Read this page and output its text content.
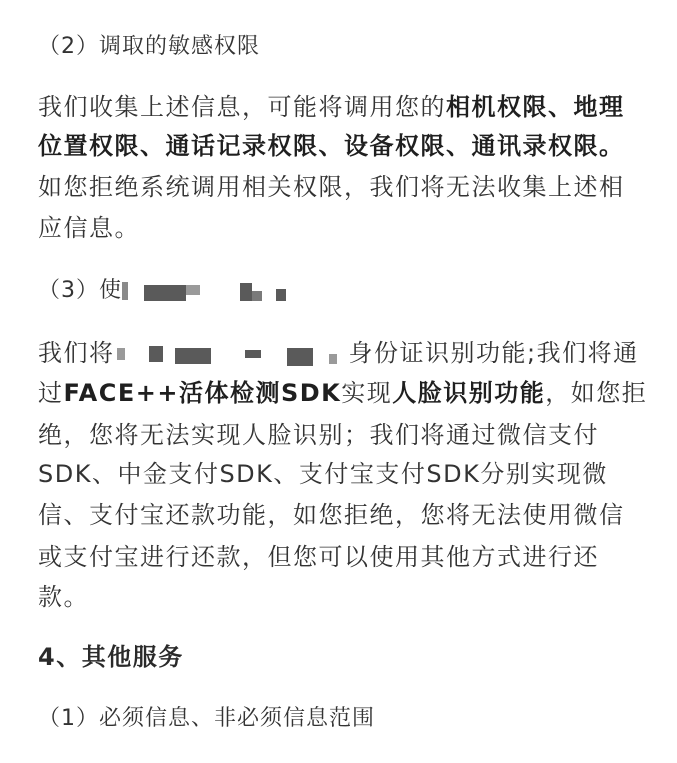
（2）调取的敏感权限
我们收集上述信息，可能将调用您的相机权限、地理
位置权限、通话记录权限、设备权限、通讯录权限。
如您拒绝系统调用相关权限，我们将无法收集上述相
应信息。
（3）使
我们将	身份证识别功能;我们将通
过FACE++活体检测SDK实现人脸识别功能，如您拒
绝，您将无法实现人脸识别；我们将通过微信支付
SDK、中金支付SDK、支付宝支付SDK分别实现微
信、支付宝还款功能，如您拒绝，您将无法使用微信
或支付宝进行还款，但您可以使用其他方式进行还
款。
4、其他服务
（1）必须信息、非必须信息范围
